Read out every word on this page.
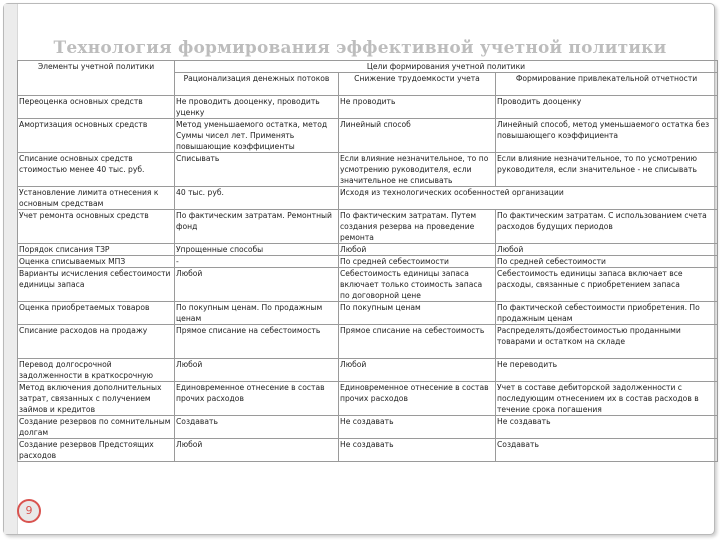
Технология формирования эффективной учетной политики
Элементы учетной политики	Цели формирования учетной политики		
	Рационализация денежных потоков	Снижение трудоемкости учета	Формирование привлекательной отчетности
Переоценка основных средств	Не проводить дооценку, проводить уценку	Не проводить	Проводить дооценку
Амортизация основных средств	Метод уменьшаемого остатка, метод Суммы чисел лет. Применять повышающие коэффициенты	Линейный способ	Линейный способ, метод уменьшаемого остатка без повышающего коэффициента
Списание основных средств стоимостью менее 40 тыс. руб.	Списывать	Если влияние незначительное, то по усмотрению руководителя, если значительное не списывать	Если влияние незначительное, то по усмотрению руководителя, если значительное - не списывать
Установление лимита отнесения к основным средствам	40 тыс. руб.	Исходя из технологических особенностей организации	
Учет ремонта основных средств	По фактическим затратам. Ремонтный фонд	По фактическим затратам. Путем создания резерва на проведение ремонта	По фактическим затратам. С использованием счета расходов будущих периодов
Порядок списания ТЗР	Упрощенные способы	Любой	Любой
Оценка списываемых МПЗ	-	По средней себестоимости	По средней себестоимости
Варианты исчисления себестоимости единицы запаса	Любой	Себестоимость единицы запаса включает только стоимость запаса по договорной цене	Себестоимость единицы запаса включает все расходы, связанные с приобретением запаса
Оценка приобретаемых товаров	По покупным ценам. По продажным ценам	По покупным ценам	По фактической себестоимости приобретения. По продажным ценам
Списание расходов на продажу	Прямое списание на себестоимость	Прямое списание на себестоимость	Распределять/доябестоимостью проданными товарами и остатком на складе
Перевод долгосрочной задолженности в краткосрочную	Любой	Любой	Не переводить
Метод включения дополнительных затрат, связанных с получением займов и кредитов	Единовременное отнесение в состав прочих расходов	Единовременное отнесение в состав прочих расходов	Учет в составе дебиторской задолженности с последующим отнесением их в состав расходов в течение срока погашения
Создание резервов по сомнительным долгам	Создавать	Не создавать	Не создавать
Создание резервов Предстоящих расходов	Любой	Не создавать	Создавать
9
